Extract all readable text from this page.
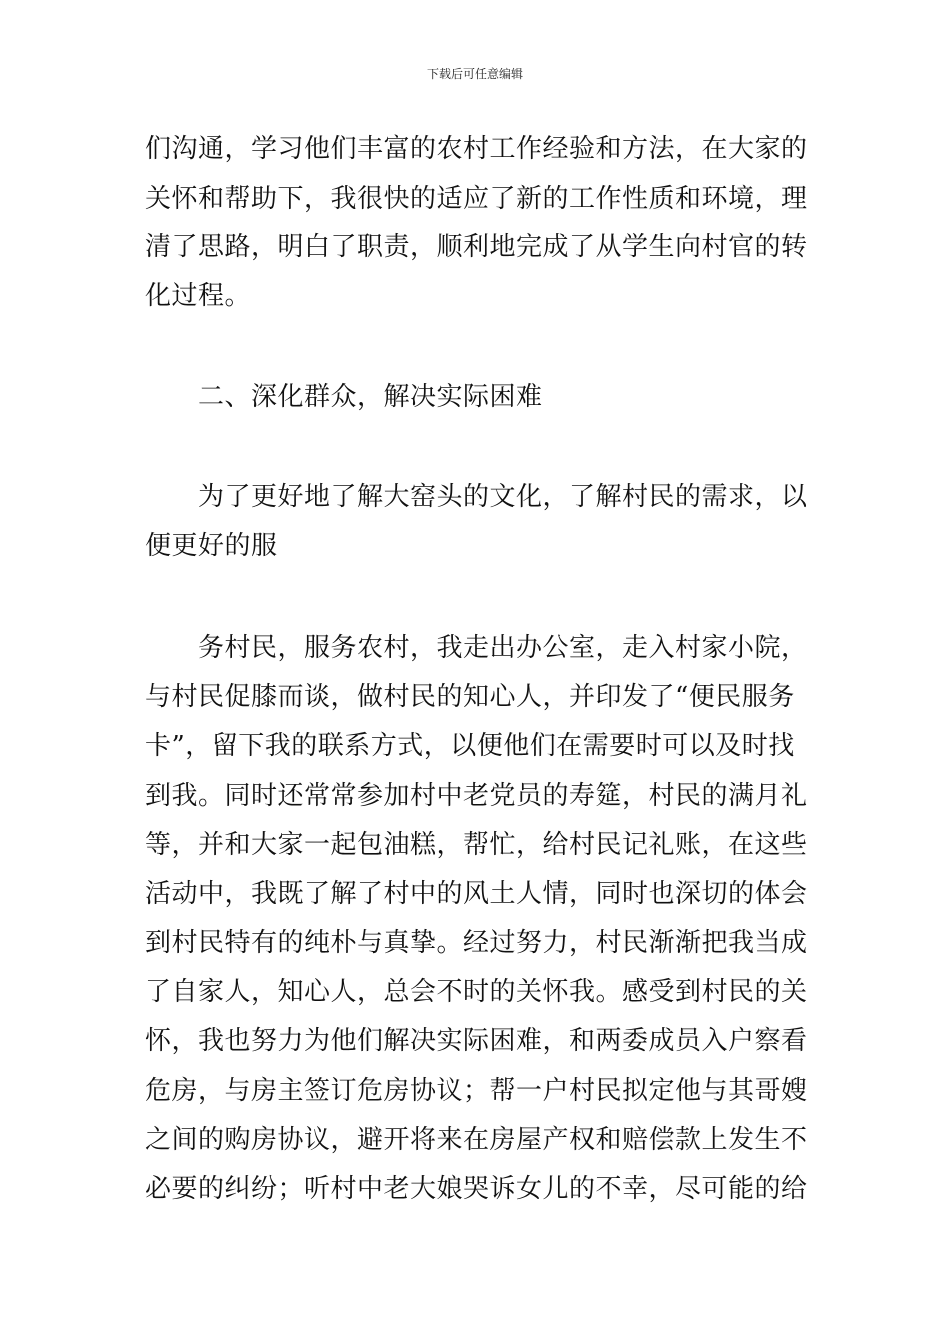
下载后可任意编辑
们沟通，学习他们丰富的农村工作经验和方法，在大家的
关怀和帮助下，我很快的适应了新的工作性质和环境，理
清了思路，明白了职责，顺利地完成了从学生向村官的转
化过程。
二、深化群众，解决实际困难
为了更好地了解大窑头的文化，了解村民的需求，以
便更好的服
务村民，服务农村，我走出办公室，走入村家小院，
与村民促膝而谈，做村民的知心人，并印发了“便民服务
卡”，留下我的联系方式，以便他们在需要时可以及时找
到我。同时还常常参加村中老党员的寿筵，村民的满月礼
等，并和大家一起包油糕，帮忙，给村民记礼账，在这些
活动中，我既了解了村中的风土人情，同时也深切的体会
到村民特有的纯朴与真挚。经过努力，村民渐渐把我当成
了自家人，知心人，总会不时的关怀我。感受到村民的关
怀，我也努力为他们解决实际困难，和两委成员入户察看
危房，与房主签订危房协议；帮一户村民拟定他与其哥嫂
之间的购房协议，避开将来在房屋产权和赔偿款上发生不
必要的纠纷；听村中老大娘哭诉女儿的不幸，尽可能的给
